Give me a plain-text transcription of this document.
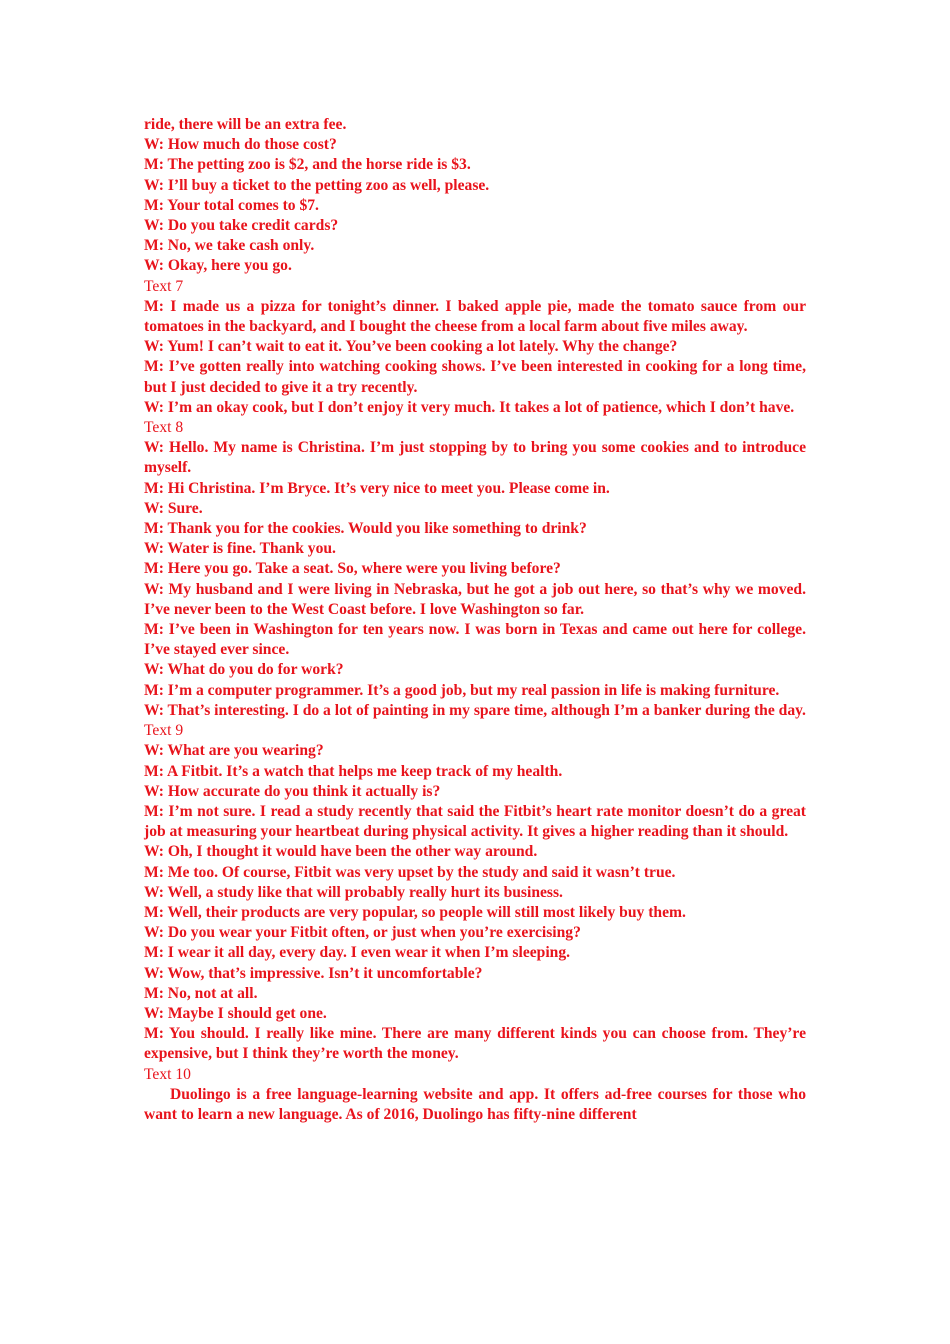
ride, there will be an extra fee.

W: How much do those cost?

M: The petting zoo is $2, and the horse ride is $3.

W: I’ll buy a ticket to the petting zoo as well, please.

M: Your total comes to $7.

W: Do you take credit cards?

M: No, we take cash only.

W: Okay, here you go.

Text 7

M: I made us a pizza for tonight’s dinner. I baked apple pie, made the tomato sauce from our tomatoes in the backyard, and I bought the cheese from a local farm about five miles away.

W: Yum! I can’t wait to eat it. You’ve been cooking a lot lately. Why the change?

M: I’ve gotten really into watching cooking shows. I’ve been interested in cooking for a long time, but I just decided to give it a try recently.

W: I’m an okay cook, but I don’t enjoy it very much. It takes a lot of patience, which I don’t have.

Text 8

W: Hello. My name is Christina. I’m just stopping by to bring you some cookies and to introduce myself.

M: Hi Christina. I’m Bryce. It’s very nice to meet you. Please come in.

W: Sure.

M: Thank you for the cookies. Would you like something to drink?

W: Water is fine. Thank you.

M: Here you go. Take a seat. So, where were you living before?

W: My husband and I were living in Nebraska, but he got a job out here, so that’s why we moved. I’ve never been to the West Coast before. I love Washington so far.

M: I’ve been in Washington for ten years now. I was born in Texas and came out here for college. I’ve stayed ever since.

W: What do you do for work?

M: I’m a computer programmer. It’s a good job, but my real passion in life is making furniture.

W: That’s interesting. I do a lot of painting in my spare time, although I’m a banker during the day.

Text 9

W: What are you wearing?

M: A Fitbit. It’s a watch that helps me keep track of my health.

W: How accurate do you think it actually is?

M: I’m not sure. I read a study recently that said the Fitbit’s heart rate monitor doesn’t do a great job at measuring your heartbeat during physical activity. It gives a higher reading than it should.

W: Oh, I thought it would have been the other way around.

M: Me too. Of course, Fitbit was very upset by the study and said it wasn’t true.

W: Well, a study like that will probably really hurt its business.

M: Well, their products are very popular, so people will still most likely buy them.

W: Do you wear your Fitbit often, or just when you’re exercising?

M: I wear it all day, every day. I even wear it when I’m sleeping.

W: Wow, that’s impressive. Isn’t it uncomfortable?

M: No, not at all.

W: Maybe I should get one.

M: You should. I really like mine. There are many different kinds you can choose from. They’re expensive, but I think they’re worth the money.

Text 10

Duolingo is a free language-learning website and app. It offers ad-free courses for those who want to learn a new language. As of 2016, Duolingo has fifty-nine different
